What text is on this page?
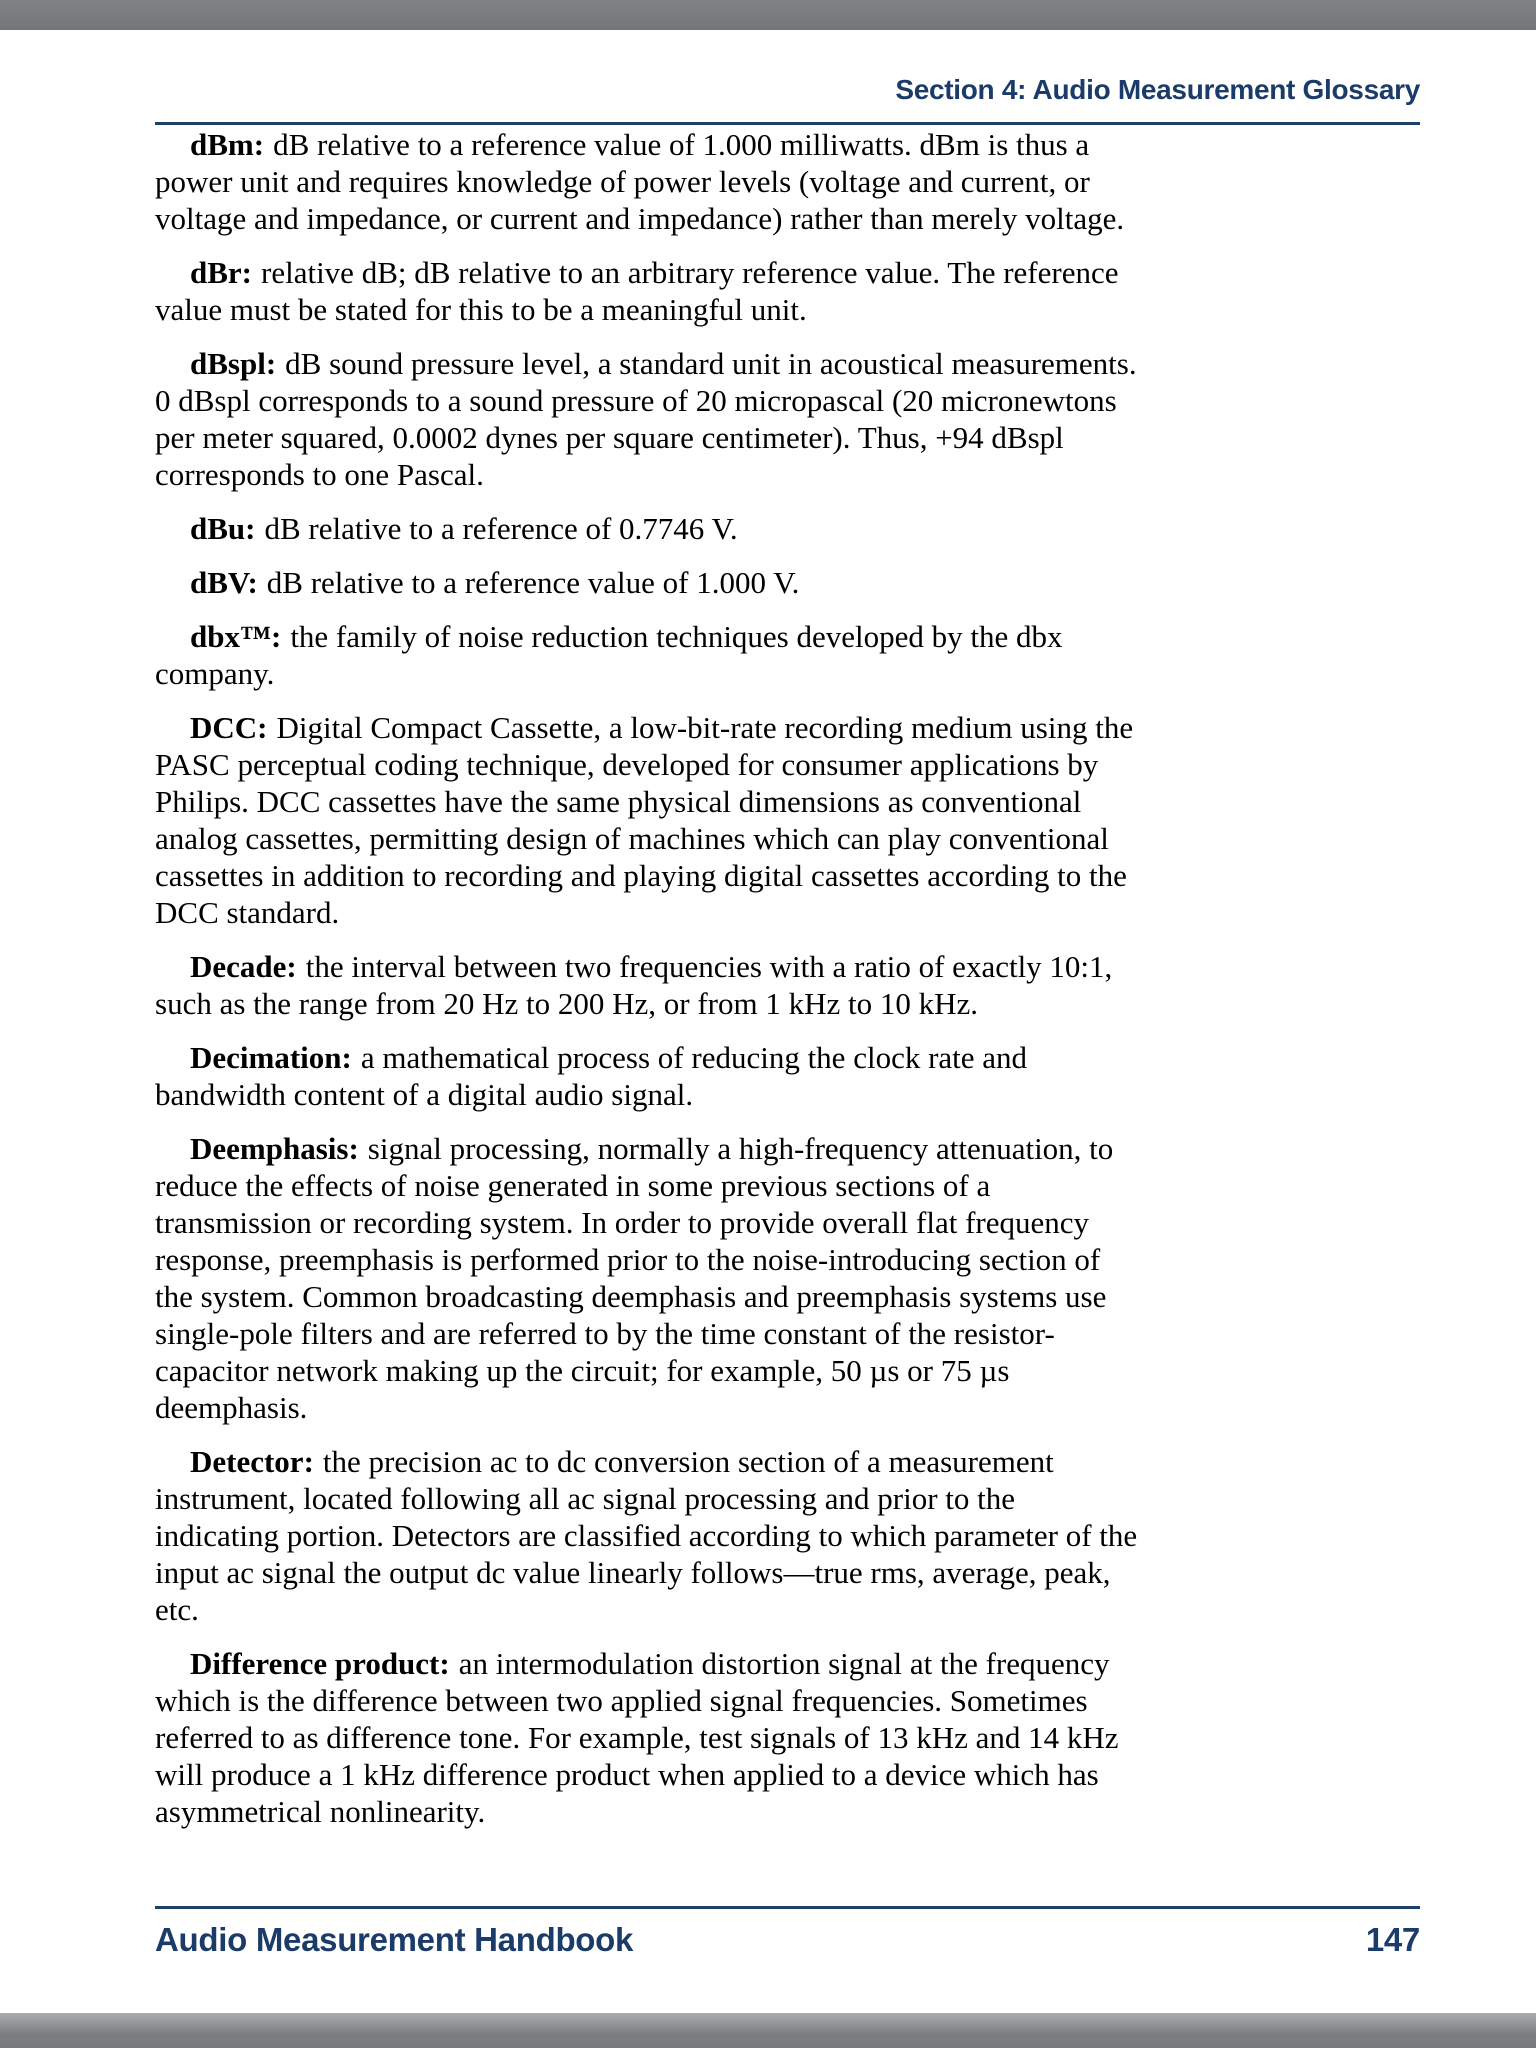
Section 4: Audio Measurement Glossary

dBm: dB relative to a reference value of 1.000 milliwatts. dBm is thus a power unit and requires knowledge of power levels (voltage and current, or voltage and impedance, or current and impedance) rather than merely voltage.

dBr: relative dB; dB relative to an arbitrary reference value. The reference value must be stated for this to be a meaningful unit.

dBspl: dB sound pressure level, a standard unit in acoustical measurements. 0 dBspl corresponds to a sound pressure of 20 micropascal (20 micronewtons per meter squared, 0.0002 dynes per square centimeter). Thus, +94 dBspl corresponds to one Pascal.

dBu: dB relative to a reference of 0.7746 V.

dBV: dB relative to a reference value of 1.000 V.

dbx™: the family of noise reduction techniques developed by the dbx company.

DCC: Digital Compact Cassette, a low-bit-rate recording medium using the PASC perceptual coding technique, developed for consumer applications by Philips. DCC cassettes have the same physical dimensions as conventional analog cassettes, permitting design of machines which can play conventional cassettes in addition to recording and playing digital cassettes according to the DCC standard.

Decade: the interval between two frequencies with a ratio of exactly 10:1, such as the range from 20 Hz to 200 Hz, or from 1 kHz to 10 kHz.

Decimation: a mathematical process of reducing the clock rate and bandwidth content of a digital audio signal.

Deemphasis: signal processing, normally a high-frequency attenuation, to reduce the effects of noise generated in some previous sections of a transmission or recording system. In order to provide overall flat frequency response, preemphasis is performed prior to the noise-introducing section of the system. Common broadcasting deemphasis and preemphasis systems use single-pole filters and are referred to by the time constant of the resistor-capacitor network making up the circuit; for example, 50 µs or 75 µs deemphasis.

Detector: the precision ac to dc conversion section of a measurement instrument, located following all ac signal processing and prior to the indicating portion. Detectors are classified according to which parameter of the input ac signal the output dc value linearly follows—true rms, average, peak, etc.

Difference product: an intermodulation distortion signal at the frequency which is the difference between two applied signal frequencies. Sometimes referred to as difference tone. For example, test signals of 13 kHz and 14 kHz will produce a 1 kHz difference product when applied to a device which has asymmetrical nonlinearity.

Audio Measurement Handbook	147
